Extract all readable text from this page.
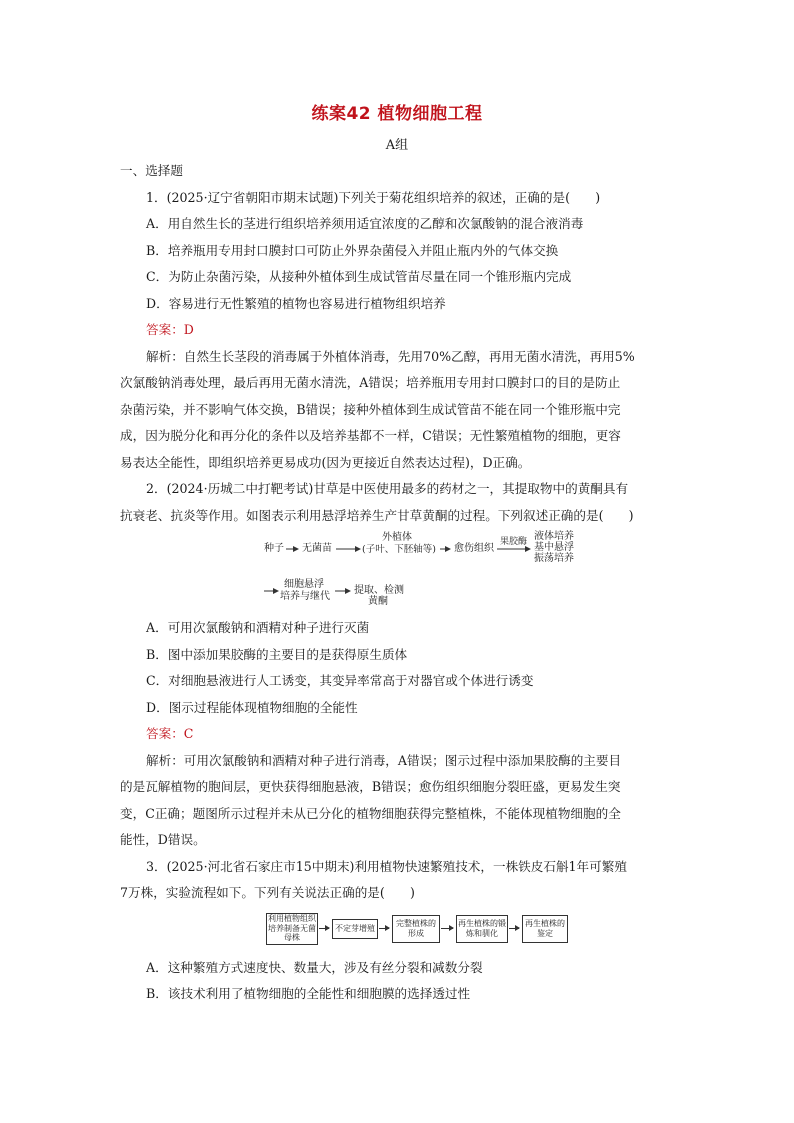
练案42 植物细胞工程
A组
一、选择题
1．(2025·辽宁省朝阳市期末试题)下列关于菊花组织培养的叙述，正确的是(　　)
A．用自然生长的茎进行组织培养须用适宜浓度的乙醇和次氯酸钠的混合液消毒
B．培养瓶用专用封口膜封口可防止外界杂菌侵入并阻止瓶内外的气体交换
C．为防止杂菌污染，从接种外植体到生成试管苗尽量在同一个锥形瓶内完成
D．容易进行无性繁殖的植物也容易进行植物组织培养
答案：D
解析：自然生长茎段的消毒属于外植体消毒，先用70%乙醇，再用无菌水清洗，再用5%
次氯酸钠消毒处理，最后再用无菌水清洗，A错误；培养瓶用专用封口膜封口的目的是防止
杂菌污染，并不影响气体交换，B错误；接种外植体到生成试管苗不能在同一个锥形瓶中完
成，因为脱分化和再分化的条件以及培养基都不一样，C错误；无性繁殖植物的细胞，更容
易表达全能性，即组织培养更易成功(因为更接近自然表达过程)，D正确。
2．(2024·历城二中打靶考试)甘草是中医使用最多的药材之一，其提取物中的黄酮具有
抗衰老、抗炎等作用。如图表示利用悬浮培养生产甘草黄酮的过程。下列叙述正确的是(　　)
种子 无菌苗
外植体
(子叶、下胚轴等) 愈伤组织
果胶酶 液体培养
基中悬浮
振荡培养
细胞悬浮
培养与继代
提取、检测
黄酮
A．可用次氯酸钠和酒精对种子进行灭菌
B．图中添加果胶酶的主要目的是获得原生质体
C．对细胞悬液进行人工诱变，其变异率常高于对器官或个体进行诱变
D．图示过程能体现植物细胞的全能性
答案：C
解析：可用次氯酸钠和酒精对种子进行消毒，A错误；图示过程中添加果胶酶的主要目
的是瓦解植物的胞间层，更快获得细胞悬液，B错误；愈伤组织细胞分裂旺盛，更易发生突
变，C正确；题图所示过程并未从已分化的植物细胞获得完整植株，不能体现植物细胞的全
能性，D错误。
3．(2025·河北省石家庄市15中期末)利用植物快速繁殖技术，一株铁皮石斛1年可繁殖
7万株，实验流程如下。下列有关说法正确的是(　　)
利用植物组织培养制备无菌母株
不定芽增殖
完整植株的形成
再生植株的锻炼和驯化
再生植株的鉴定
A．这种繁殖方式速度快、数量大，涉及有丝分裂和减数分裂
B．该技术利用了植物细胞的全能性和细胞膜的选择透过性
